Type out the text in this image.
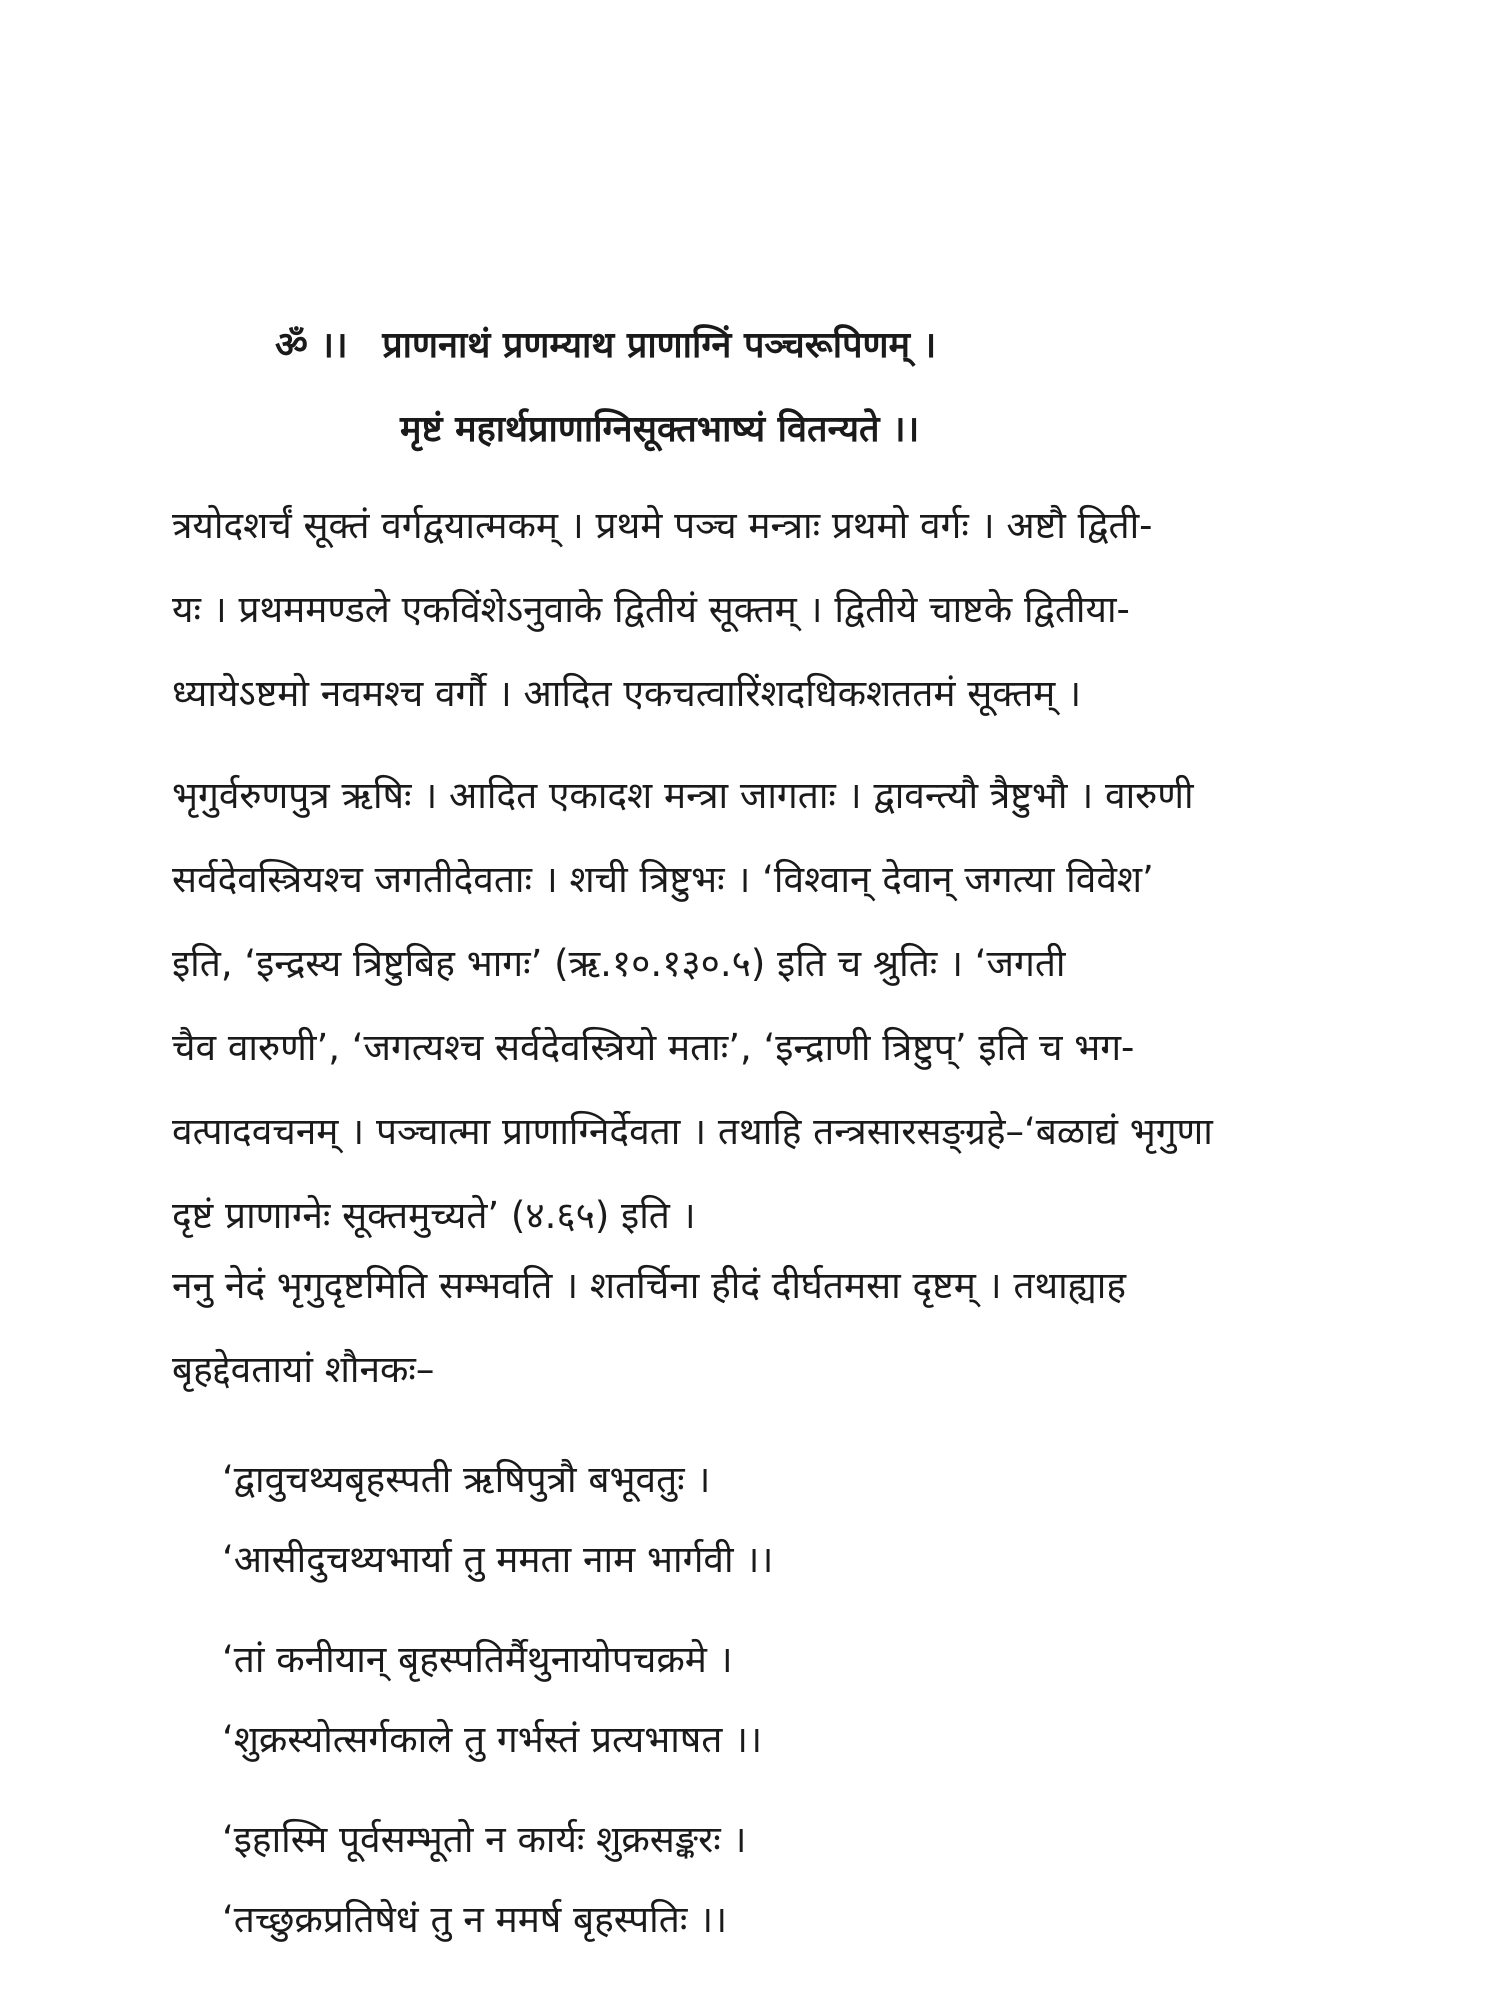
ॐ ।। प्राणनाथं प्रणम्याथ प्राणाग्निं पञ्चरूपिणम् ।
मृष्टं महार्थप्राणाग्निसूक्तभाष्यं वितन्यते ।।
त्रयोदशर्चं सूक्तं वर्गद्वयात्मकम् । प्रथमे पञ्च मन्त्राः प्रथमो वर्गः । अष्टौ द्विती-
यः । प्रथममण्डले एकविंशेऽनुवाके द्वितीयं सूक्तम् । द्वितीये चाष्टके द्वितीया-
ध्यायेऽष्टमो नवमश्च वर्गौ । आदित एकचत्वारिंशदधिकशततमं सूक्तम् ।
भृगुर्वरुणपुत्र ऋषिः । आदित एकादश मन्त्रा जागताः । द्वावन्त्यौ त्रैष्टुभौ । वारुणी
सर्वदेवस्त्रियश्च जगतीदेवताः । शची त्रिष्टुभः । ‘विश्वान् देवान् जगत्या विवेश’
इति, ‘इन्द्रस्य त्रिष्टुबिह भागः’ (ऋ.१०.१३०.५) इति च श्रुतिः । ‘जगती
चैव वारुणी’, ‘जगत्यश्च सर्वदेवस्त्रियो मताः’, ‘इन्द्राणी त्रिष्टुप्’ इति च भग-
वत्पादवचनम् । पञ्चात्मा प्राणाग्निर्देवता । तथाहि तन्त्रसारसङ्ग्रहे–‘बळाद्यं भृगुणा
दृष्टं प्राणाग्नेः सूक्तमुच्यते’ (४.६५) इति ।
ननु नेदं भृगुदृष्टमिति सम्भवति । शतर्चिना हीदं दीर्घतमसा दृष्टम् । तथाह्याह
बृहद्देवतायां शौनकः–
‘द्वावुचथ्यबृहस्पती ऋषिपुत्रौ बभूवतुः ।
‘आसीदुचथ्यभार्या तु ममता नाम भार्गवी ।।
‘तां कनीयान् बृहस्पतिर्मैथुनायोपचक्रमे ।
‘शुक्रस्योत्सर्गकाले तु गर्भस्तं प्रत्यभाषत ।।
‘इहास्मि पूर्वसम्भूतो न कार्यः शुक्रसङ्करः ।
‘तच्छुक्रप्रतिषेधं तु न ममर्ष बृहस्पतिः ।।
